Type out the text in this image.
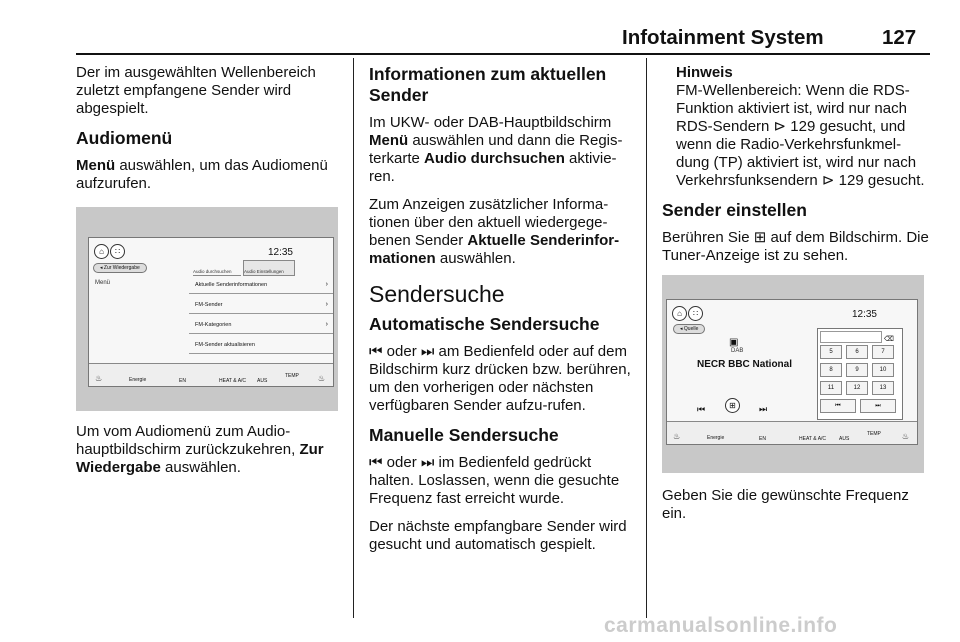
Infotainment System	127

Der im ausgewählten Wellenbereich zuletzt empfangene Sender wird abgespielt.

Audiomenü

Menü auswählen, um das Audiomenü aufzurufen.

⌂	∷	12:35
◂ Zur Wiedergabe
Menü
Audio durchsuchen	Audio Einstellungen
Aktuelle Senderinformationen	›
FM-Sender	›
FM-Kategorien	›
FM-Sender aktualisieren
♨	Energie	EN	HEAT & A/C AUS
TEMP ♨

Um vom Audiomenü zum Audio-hauptbildschirm zurückzukehren, Zur Wiedergabe auswählen.

Informationen zum aktuellen Sender

Im UKW- oder DAB-Hauptbildschirm Menü auswählen und dann die Regis-terkarte Audio durchsuchen aktivie-ren.

Zum Anzeigen zusätzlicher Informa-tionen über den aktuell wiedergege-benen Sender Aktuelle Senderinfor-mationen auswählen.

Sendersuche
Automatische Sendersuche

⏮ oder ⏭ am Bedienfeld oder auf dem Bildschirm kurz drücken bzw. berühren, um den vorherigen oder nächsten verfügbaren Sender aufzu-rufen.

Manuelle Sendersuche

⏮ oder ⏭ im Bedienfeld gedrückt halten. Loslassen, wenn die gesuchte Frequenz fast erreicht wurde.

Der nächste empfangbare Sender wird gesucht und automatisch gespielt.

Hinweis

FM-Wellenbereich: Wenn die RDS-Funktion aktiviert ist, wird nur nach RDS-Sendern ⊳ 129 gesucht, und wenn die Radio-Verkehrsfunkmel-dung (TP) aktiviert ist, wird nur nach Verkehrsfunksendern ⊳ 129 gesucht.

Sender einstellen

Berühren Sie ⊞ auf dem Bildschirm. Die Tuner-Anzeige ist zu sehen.

⌂	∷	12:35
◂ Quelle
▣
DAB
NECR BBC National
⏮	⊞	⏭
⌫
5	6	7
8	9	10
11	12	13
⏮	⏭
♨	Energie	EN	HEAT & A/C	AUS
TEMP	♨

Geben Sie die gewünschte Frequenz ein.

carmanualsonline.info
